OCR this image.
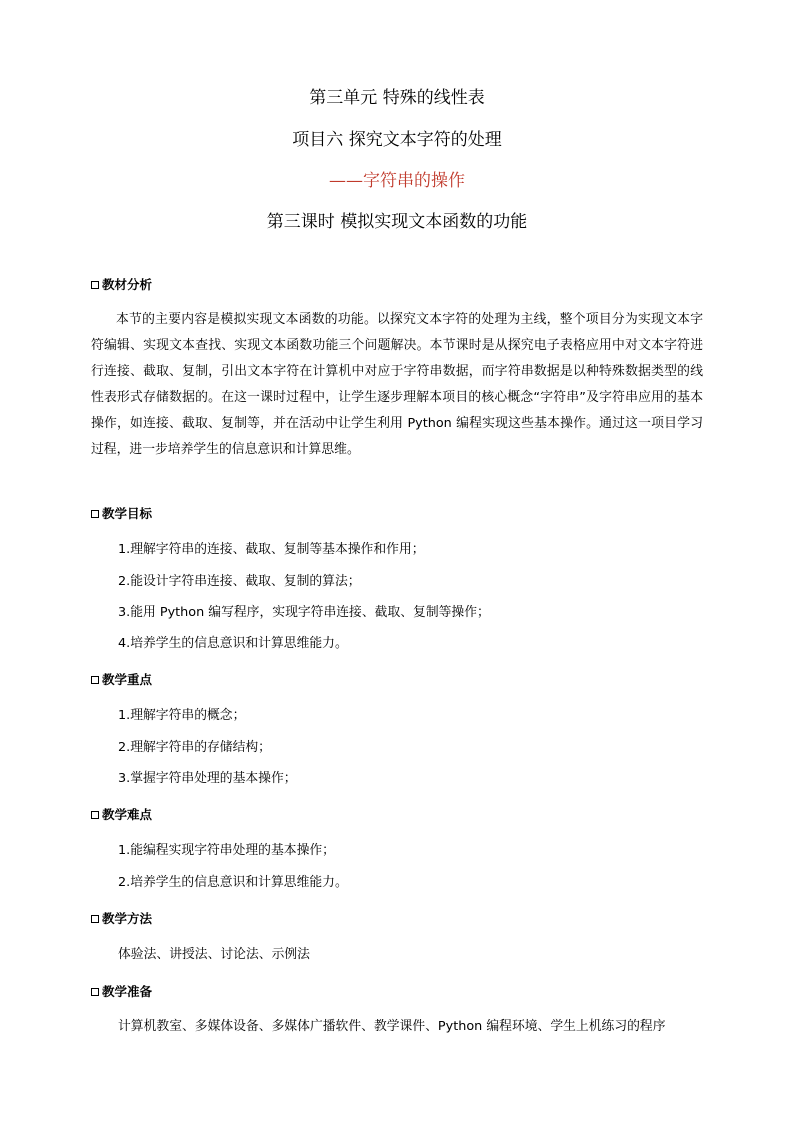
第三单元 特殊的线性表
项目六 探究文本字符的处理
——字符串的操作
第三课时 模拟实现文本函数的功能
教材分析
本节的主要内容是模拟实现文本函数的功能。以探究文本字符的处理为主线，整个项目分为实现文本字符编辑、实现文本查找、实现文本函数功能三个问题解决。本节课时是从探究电子表格应用中对文本字符进行连接、截取、复制，引出文本字符在计算机中对应于字符串数据，而字符串数据是以种特殊数据类型的线性表形式存储数据的。在这一课时过程中，让学生逐步理解本项目的核心概念“字符串”及字符串应用的基本操作，如连接、截取、复制等，并在活动中让学生利用 Python 编程实现这些基本操作。通过这一项目学习过程，进一步培养学生的信息意识和计算思维。
教学目标
1.理解字符串的连接、截取、复制等基本操作和作用；
2.能设计字符串连接、截取、复制的算法；
3.能用 Python 编写程序，实现字符串连接、截取、复制等操作；
4.培养学生的信息意识和计算思维能力。
教学重点
1.理解字符串的概念；
2.理解字符串的存储结构；
3.掌握字符串处理的基本操作；
教学难点
1.能编程实现字符串处理的基本操作；
2.培养学生的信息意识和计算思维能力。
教学方法
体验法、讲授法、讨论法、示例法
教学准备
计算机教室、多媒体设备、多媒体广播软件、教学课件、Python 编程环境、学生上机练习的程序
